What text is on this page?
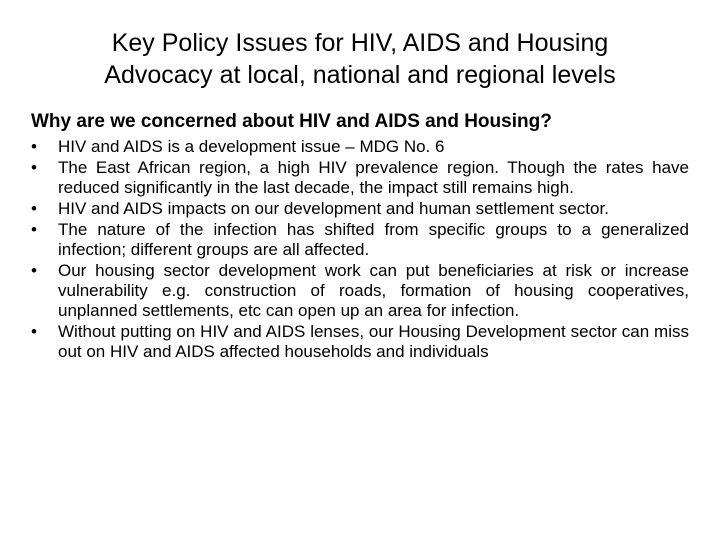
Key Policy Issues for HIV, AIDS and Housing
Advocacy at local, national and regional levels

Why are we concerned about HIV and AIDS and Housing?

• HIV and AIDS is a development issue – MDG No. 6
• The East African region, a high HIV prevalence region. Though the rates have reduced significantly in the last decade, the impact still remains high.
• HIV and AIDS impacts on our development and human settlement sector.
• The nature of the infection has shifted from specific groups to a generalized infection; different groups are all affected.
• Our housing sector development work can put beneficiaries at risk or increase vulnerability e.g. construction of roads, formation of housing cooperatives, unplanned settlements, etc can open up an area for infection.
• Without putting on HIV and AIDS lenses, our Housing Development sector can miss out on HIV and AIDS affected households and individuals
